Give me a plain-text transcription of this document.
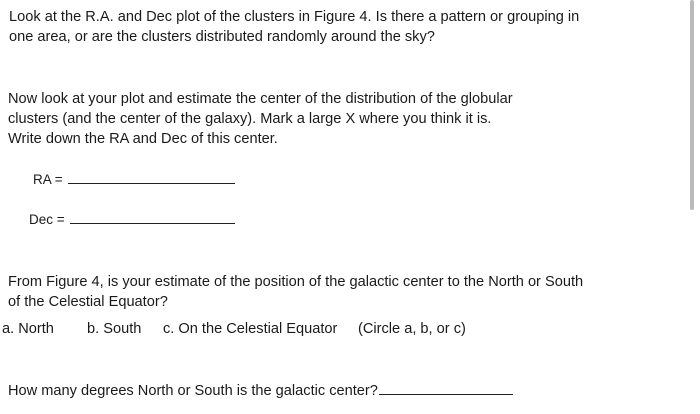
Look at the R.A. and Dec plot of the clusters in Figure 4. Is there a pattern or grouping in
one area, or are the clusters distributed randomly around the sky?
Now look at your plot and estimate the center of the distribution of the globular
clusters (and the center of the galaxy). Mark a large X where you think it is.
Write down the RA and Dec of this center.
RA =
Dec =
From Figure 4, is your estimate of the position of the galactic center to the North or South
of the Celestial Equator?
a. North b. South c. On the Celestial Equator (Circle a, b, or c)
How many degrees North or South is the galactic center?
